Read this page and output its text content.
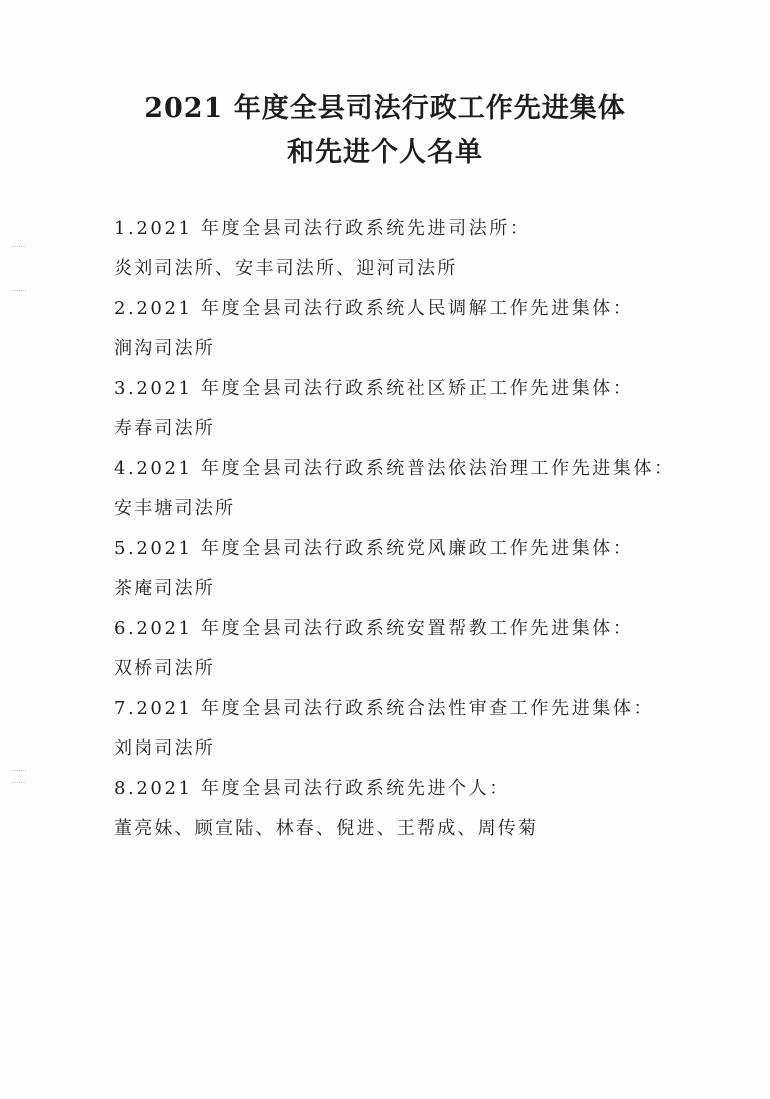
2021 年度全县司法行政工作先进集体
和先进个人名单
1.2021 年度全县司法行政系统先进司法所：
炎刘司法所、安丰司法所、迎河司法所
2.2021 年度全县司法行政系统人民调解工作先进集体：
涧沟司法所
3.2021 年度全县司法行政系统社区矫正工作先进集体：
寿春司法所
4.2021 年度全县司法行政系统普法依法治理工作先进集体：
安丰塘司法所
5.2021 年度全县司法行政系统党风廉政工作先进集体：
茶庵司法所
6.2021 年度全县司法行政系统安置帮教工作先进集体：
双桥司法所
7.2021 年度全县司法行政系统合法性审查工作先进集体：
刘岗司法所
8.2021 年度全县司法行政系统先进个人：
董亮妹、顾宣陆、林春、倪进、王帮成、周传菊
